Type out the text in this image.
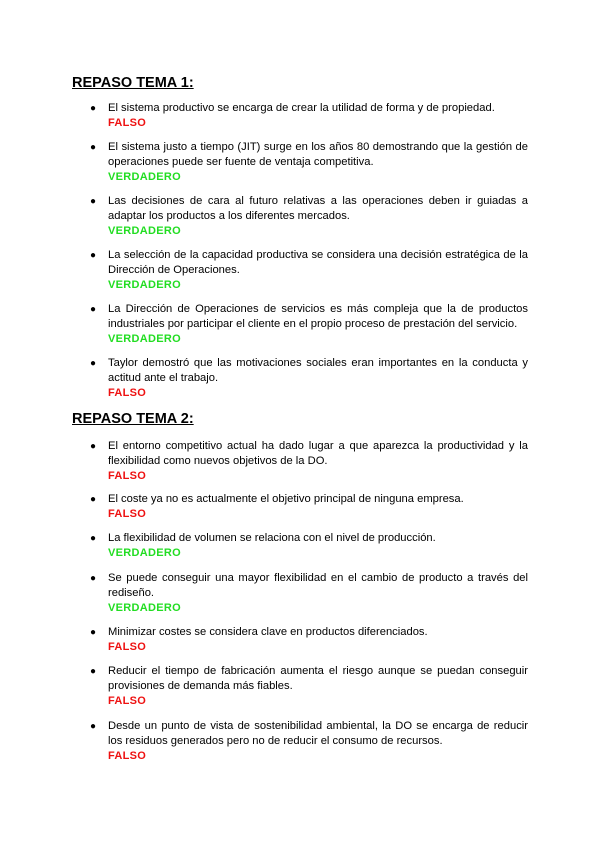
REPASO TEMA 1:
● El sistema productivo se encarga de crear la utilidad de forma y de propiedad.

FALSO
● El sistema justo a tiempo (JIT) surge en los años 80 demostrando que la gestión de operaciones puede ser fuente de ventaja competitiva.

VERDADERO
● Las decisiones de cara al futuro relativas a las operaciones deben ir guiadas a adaptar los productos a los diferentes mercados.

VERDADERO
● La selección de la capacidad productiva se considera una decisión estratégica de la Dirección de Operaciones.

VERDADERO
● La Dirección de Operaciones de servicios es más compleja que la de productos industriales por participar el cliente en el propio proceso de prestación del servicio.

VERDADERO
● Taylor demostró que las motivaciones sociales eran importantes en la conducta y actitud ante el trabajo.

FALSO
REPASO TEMA 2:
● El entorno competitivo actual ha dado lugar a que aparezca la productividad y la flexibilidad como nuevos objetivos de la DO.

FALSO
● El coste ya no es actualmente el objetivo principal de ninguna empresa.

FALSO
● La flexibilidad de volumen se relaciona con el nivel de producción.

VERDADERO
● Se puede conseguir una mayor flexibilidad en el cambio de producto a través del rediseño.

VERDADERO
● Minimizar costes se considera clave en productos diferenciados.

FALSO
● Reducir el tiempo de fabricación aumenta el riesgo aunque se puedan conseguir provisiones de demanda más fiables.

FALSO
● Desde un punto de vista de sostenibilidad ambiental, la DO se encarga de reducir los residuos generados pero no de reducir el consumo de recursos.

FALSO
